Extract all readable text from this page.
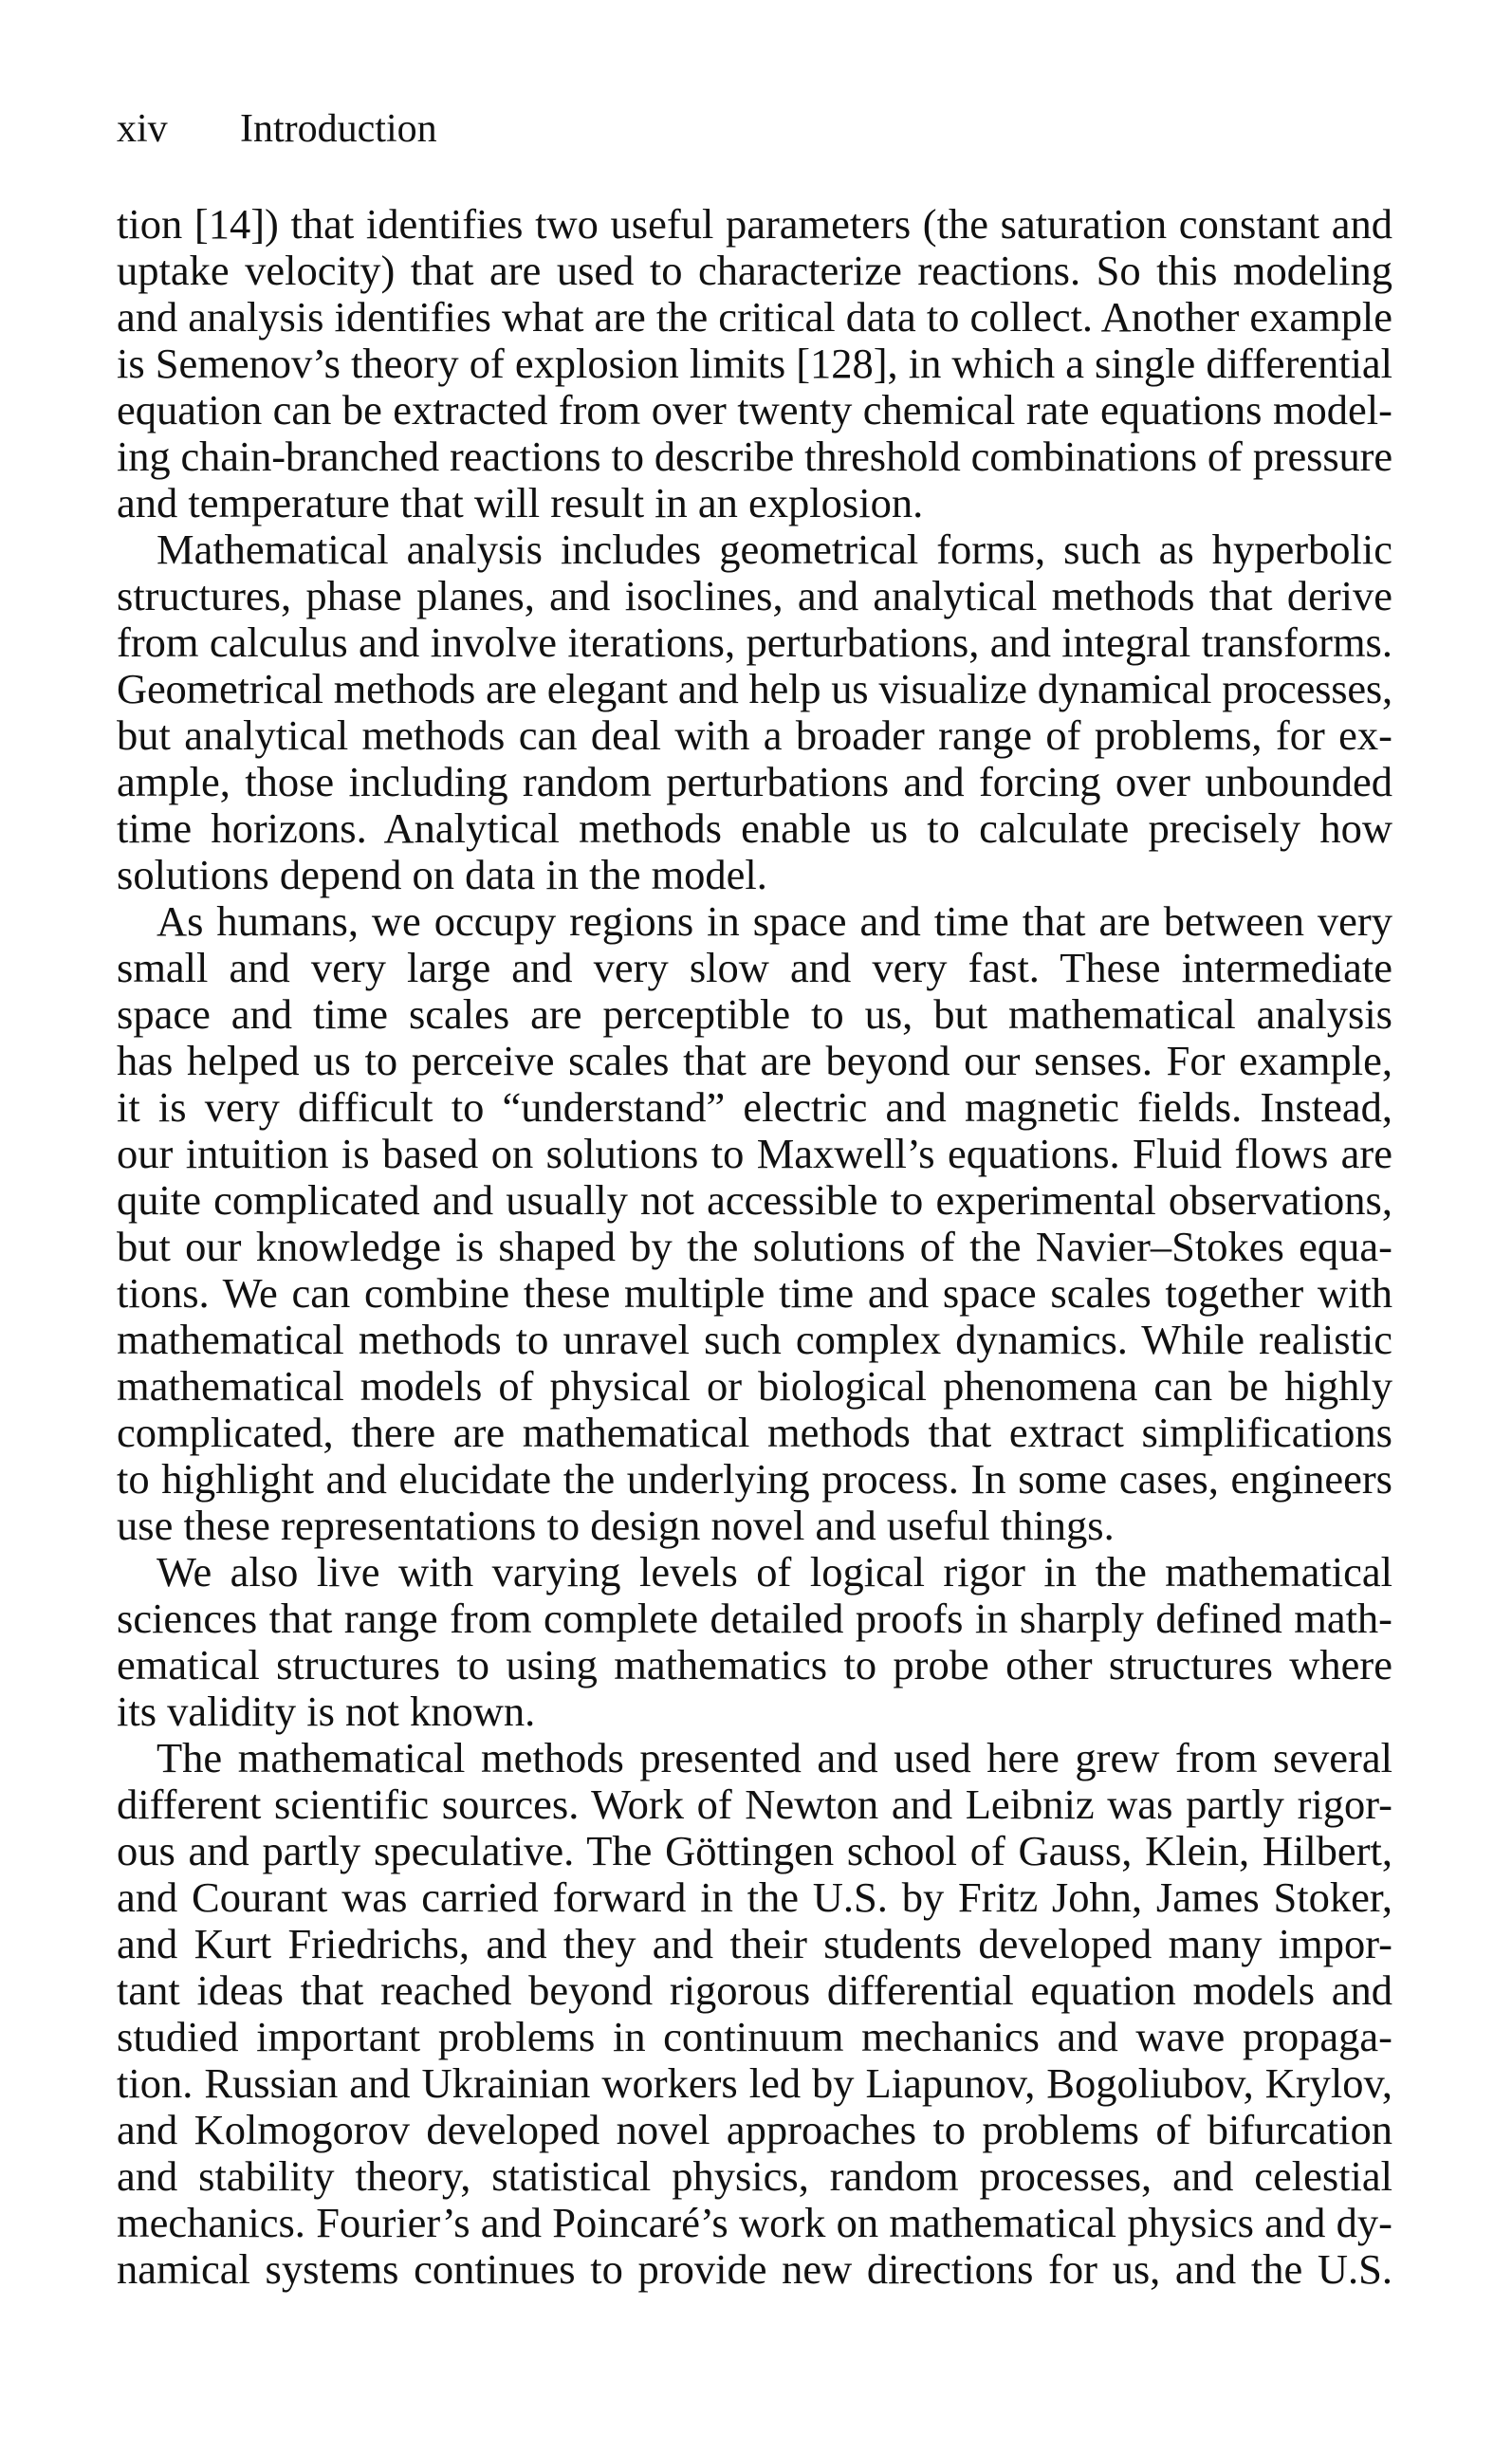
xiv Introduction
tion [14]) that identifies two useful parameters (the saturation constant and
uptake velocity) that are used to characterize reactions. So this modeling
and analysis identifies what are the critical data to collect. Another example
is Semenov’s theory of explosion limits [128], in which a single differential
equation can be extracted from over twenty chemical rate equations model-
ing chain-branched reactions to describe threshold combinations of pressure
and temperature that will result in an explosion.
Mathematical analysis includes geometrical forms, such as hyperbolic
structures, phase planes, and isoclines, and analytical methods that derive
from calculus and involve iterations, perturbations, and integral transforms.
Geometrical methods are elegant and help us visualize dynamical processes,
but analytical methods can deal with a broader range of problems, for ex-
ample, those including random perturbations and forcing over unbounded
time horizons. Analytical methods enable us to calculate precisely how
solutions depend on data in the model.
As humans, we occupy regions in space and time that are between very
small and very large and very slow and very fast. These intermediate
space and time scales are perceptible to us, but mathematical analysis
has helped us to perceive scales that are beyond our senses. For example,
it is very difficult to “understand” electric and magnetic fields. Instead,
our intuition is based on solutions to Maxwell’s equations. Fluid flows are
quite complicated and usually not accessible to experimental observations,
but our knowledge is shaped by the solutions of the Navier–Stokes equa-
tions. We can combine these multiple time and space scales together with
mathematical methods to unravel such complex dynamics. While realistic
mathematical models of physical or biological phenomena can be highly
complicated, there are mathematical methods that extract simplifications
to highlight and elucidate the underlying process. In some cases, engineers
use these representations to design novel and useful things.
We also live with varying levels of logical rigor in the mathematical
sciences that range from complete detailed proofs in sharply defined math-
ematical structures to using mathematics to probe other structures where
its validity is not known.
The mathematical methods presented and used here grew from several
different scientific sources. Work of Newton and Leibniz was partly rigor-
ous and partly speculative. The Göttingen school of Gauss, Klein, Hilbert,
and Courant was carried forward in the U.S. by Fritz John, James Stoker,
and Kurt Friedrichs, and they and their students developed many impor-
tant ideas that reached beyond rigorous differential equation models and
studied important problems in continuum mechanics and wave propaga-
tion. Russian and Ukrainian workers led by Liapunov, Bogoliubov, Krylov,
and Kolmogorov developed novel approaches to problems of bifurcation
and stability theory, statistical physics, random processes, and celestial
mechanics. Fourier’s and Poincaré’s work on mathematical physics and dy-
namical systems continues to provide new directions for us, and the U.S.
